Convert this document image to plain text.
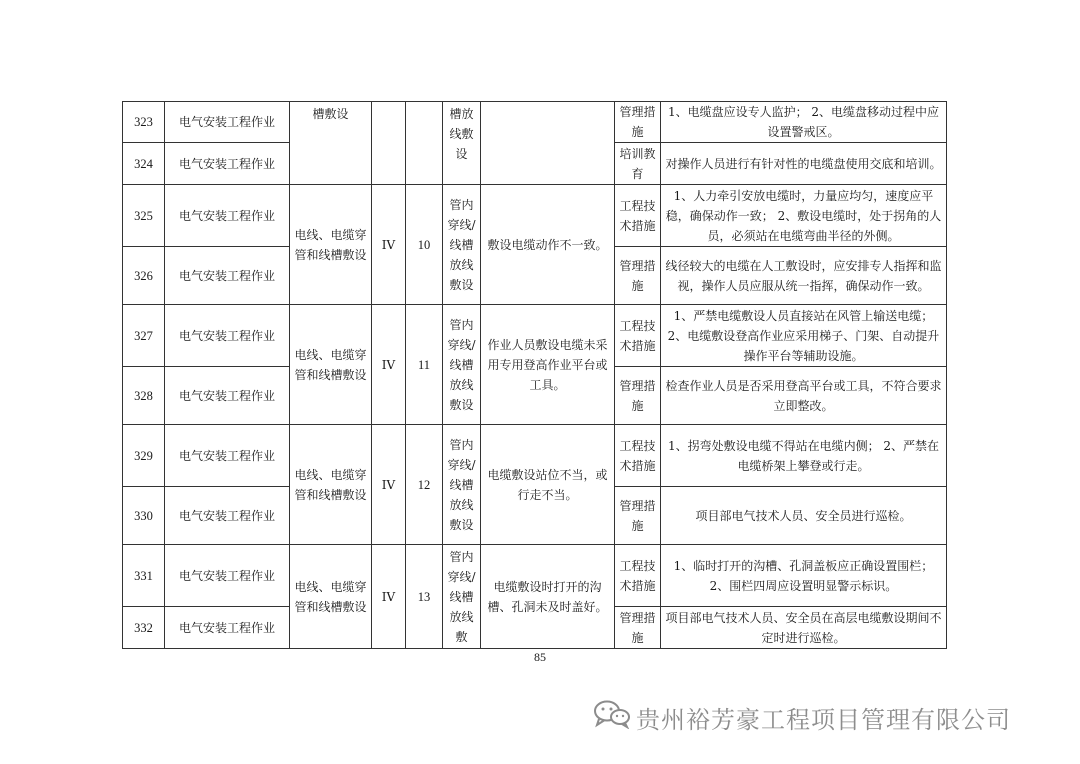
323	电气安装工程作业	槽敷设			槽放线敷设		管理措施	1、电缆盘应设专人监护； 2、电缆盘移动过程中应设置警戒区。
324	电气安装工程作业						培训教育	对操作人员进行有针对性的电缆盘使用交底和培训。
325	电气安装工程作业	电线、电缆穿管和线槽敷设	IV	10	管内穿线/线槽放线敷设	敷设电缆动作不一致。	工程技术措施	1、人力牵引安放电缆时，力量应均匀，速度应平稳，确保动作一致； 2、敷设电缆时，处于拐角的人员，必须站在电缆弯曲半径的外侧。
326	电气安装工程作业						管理措施	线径较大的电缆在人工敷设时，应安排专人指挥和监视，操作人员应服从统一指挥，确保动作一致。
327	电气安装工程作业	电线、电缆穿管和线槽敷设	IV	11	管内穿线/线槽放线敷设	作业人员敷设电缆未采用专用登高作业平台或工具。	工程技术措施	1、严禁电缆敷设人员直接站在风管上输送电缆； 2、电缆敷设登高作业应采用梯子、门架、自动提升操作平台等辅助设施。
328	电气安装工程作业						管理措施	检查作业人员是否采用登高平台或工具，不符合要求立即整改。
329	电气安装工程作业	电线、电缆穿管和线槽敷设	IV	12	管内穿线/线槽放线敷设	电缆敷设站位不当，或行走不当。	工程技术措施	1、拐弯处敷设电缆不得站在电缆内侧； 2、严禁在电缆桥架上攀登或行走。
330	电气安装工程作业						管理措施	项目部电气技术人员、安全员进行巡检。
331	电气安装工程作业	电线、电缆穿管和线槽敷设	IV	13	管内穿线/线槽放线敷	电缆敷设时打开的沟槽、孔洞未及时盖好。	工程技术措施	1、临时打开的沟槽、孔洞盖板应正确设置围栏； 2、围栏四周应设置明显警示标识。
332	电气安装工程作业						管理措施	项目部电气技术人员、安全员在高层电缆敷设期间不定时进行巡检。
85
贵州裕芳豪工程项目管理有限公司
